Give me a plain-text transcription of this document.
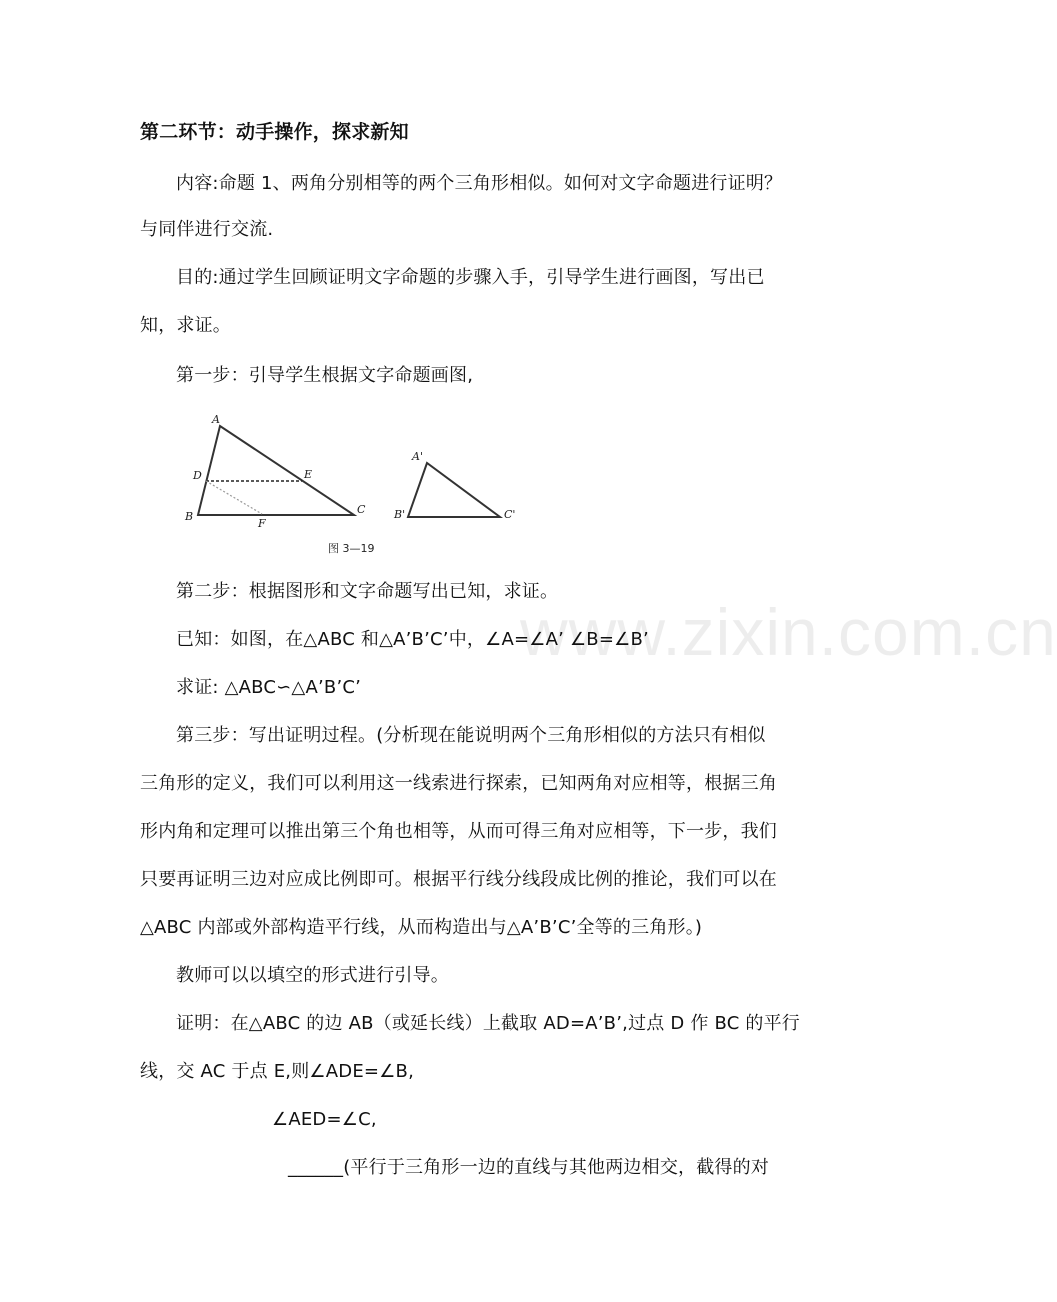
第二环节：动手操作，探求新知
内容:命题 1、两角分别相等的两个三角形相似。如何对文字命题进行证明？
与同伴进行交流.
目的:通过学生回顾证明文字命题的步骤入手，引导学生进行画图，写出已
知，求证。
第一步：引导学生根据文字命题画图,
A
D	E
B
F
C
A'
B'	C'
图 3—19
第二步：根据图形和文字命题写出已知，求证。
已知：如图，在△ABC 和△A’B’C’中，∠A=∠A’ ∠B=∠B’
求证: △ABC∽△A’B’C’
第三步：写出证明过程。(分析现在能说明两个三角形相似的方法只有相似
三角形的定义，我们可以利用这一线索进行探索，已知两角对应相等，根据三角
形内角和定理可以推出第三个角也相等，从而可得三角对应相等，下一步，我们
只要再证明三边对应成比例即可。根据平行线分线段成比例的推论，我们可以在
△ABC 内部或外部构造平行线，从而构造出与△A’B’C’全等的三角形。)
教师可以以填空的形式进行引导。
证明：在△ABC 的边 AB（或延长线）上截取 AD=A’B’,过点 D 作 BC 的平行
线，交 AC 于点 E,则∠ADE=∠B,
∠AED=∠C,
______(平行于三角形一边的直线与其他两边相交，截得的对
www.zixin.com.cn
